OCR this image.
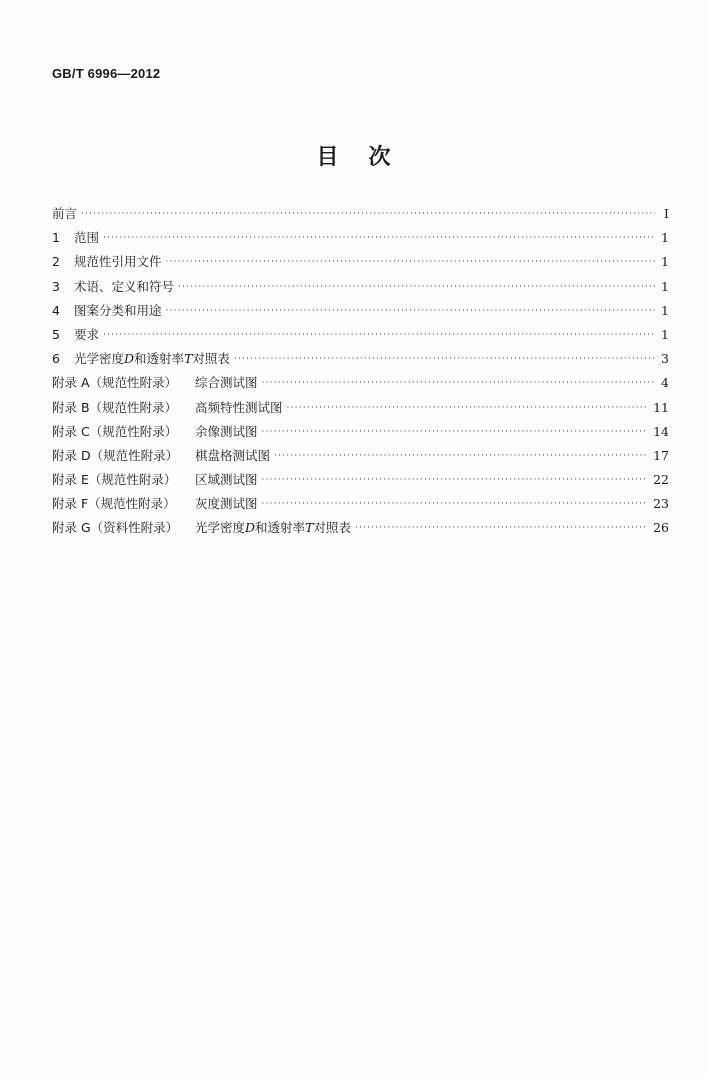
GB/T 6996—2012
目 次
前言 ·····	Ⅰ
1	范围 ·····	1
2	规范性引用文件 ·····	1
3	术语、定义和符号 ·····	1
4	图案分类和用途 ·····	1
5	要求 ·····	1
6	光学密度D和透射率T对照表 ·····	3
附录 A（规范性附录） 综合测试图 ·····	4
附录 B（规范性附录） 高频特性测试图 ·····	11
附录 C（规范性附录） 余像测试图 ·····	14
附录 D（规范性附录） 棋盘格测试图 ·····	17
附录 E（规范性附录） 区域测试图 ·····	22
附录 F（规范性附录） 灰度测试图 ·····	23
附录 G（资料性附录） 光学密度D和透射率T对照表 ·····	26
